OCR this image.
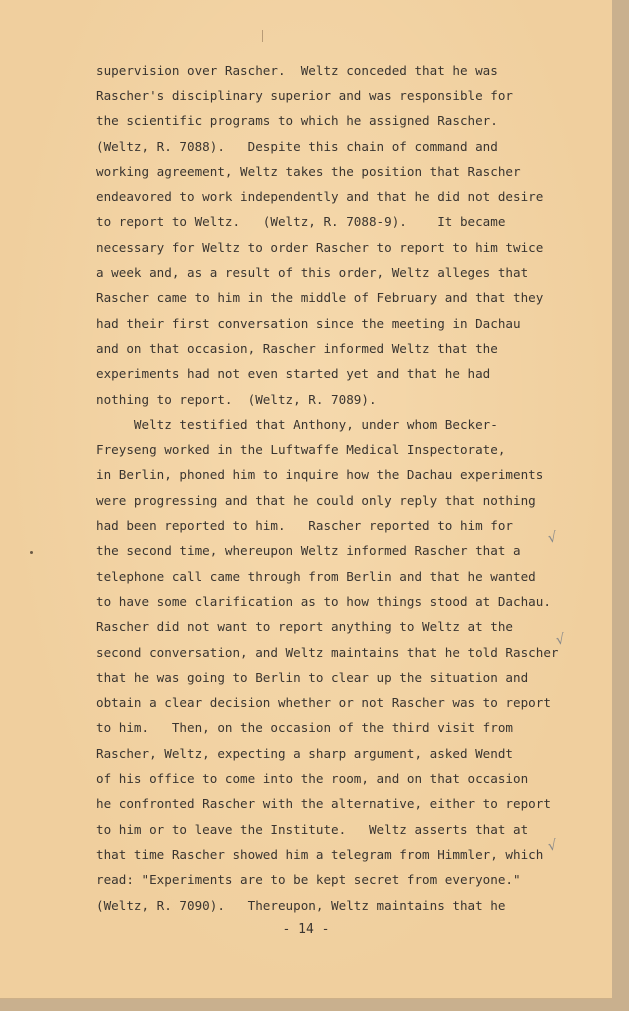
supervision over Rascher.  Weltz conceded that he was
Rascher's disciplinary superior and was responsible for
the scientific programs to which he assigned Rascher.
(Weltz, R. 7088).   Despite this chain of command and
working agreement, Weltz takes the position that Rascher
endeavored to work independently and that he did not desire
to report to Weltz.   (Weltz, R. 7088-9).    It became
necessary for Weltz to order Rascher to report to him twice
a week and, as a result of this order, Weltz alleges that
Rascher came to him in the middle of February and that they
had their first conversation since the meeting in Dachau
and on that occasion, Rascher informed Weltz that the
experiments had not even started yet and that he had
nothing to report.  (Weltz, R. 7089).
Weltz testified that Anthony, under whom Becker-
Freyseng worked in the Luftwaffe Medical Inspectorate,
in Berlin, phoned him to inquire how the Dachau experiments
were progressing and that he could only reply that nothing
had been reported to him.   Rascher reported to him for
the second time, whereupon Weltz informed Rascher that a
telephone call came through from Berlin and that he wanted
to have some clarification as to how things stood at Dachau.
Rascher did not want to report anything to Weltz at the
second conversation, and Weltz maintains that he told Rascher
that he was going to Berlin to clear up the situation and
obtain a clear decision whether or not Rascher was to report
to him.   Then, on the occasion of the third visit from
Rascher, Weltz, expecting a sharp argument, asked Wendt
of his office to come into the room, and on that occasion
he confronted Rascher with the alternative, either to report
to him or to leave the Institute.   Weltz asserts that at
that time Rascher showed him a telegram from Himmler, which
read: "Experiments are to be kept secret from everyone."
(Weltz, R. 7090).   Thereupon, Weltz maintains that he
- 14 -
√
√
√
